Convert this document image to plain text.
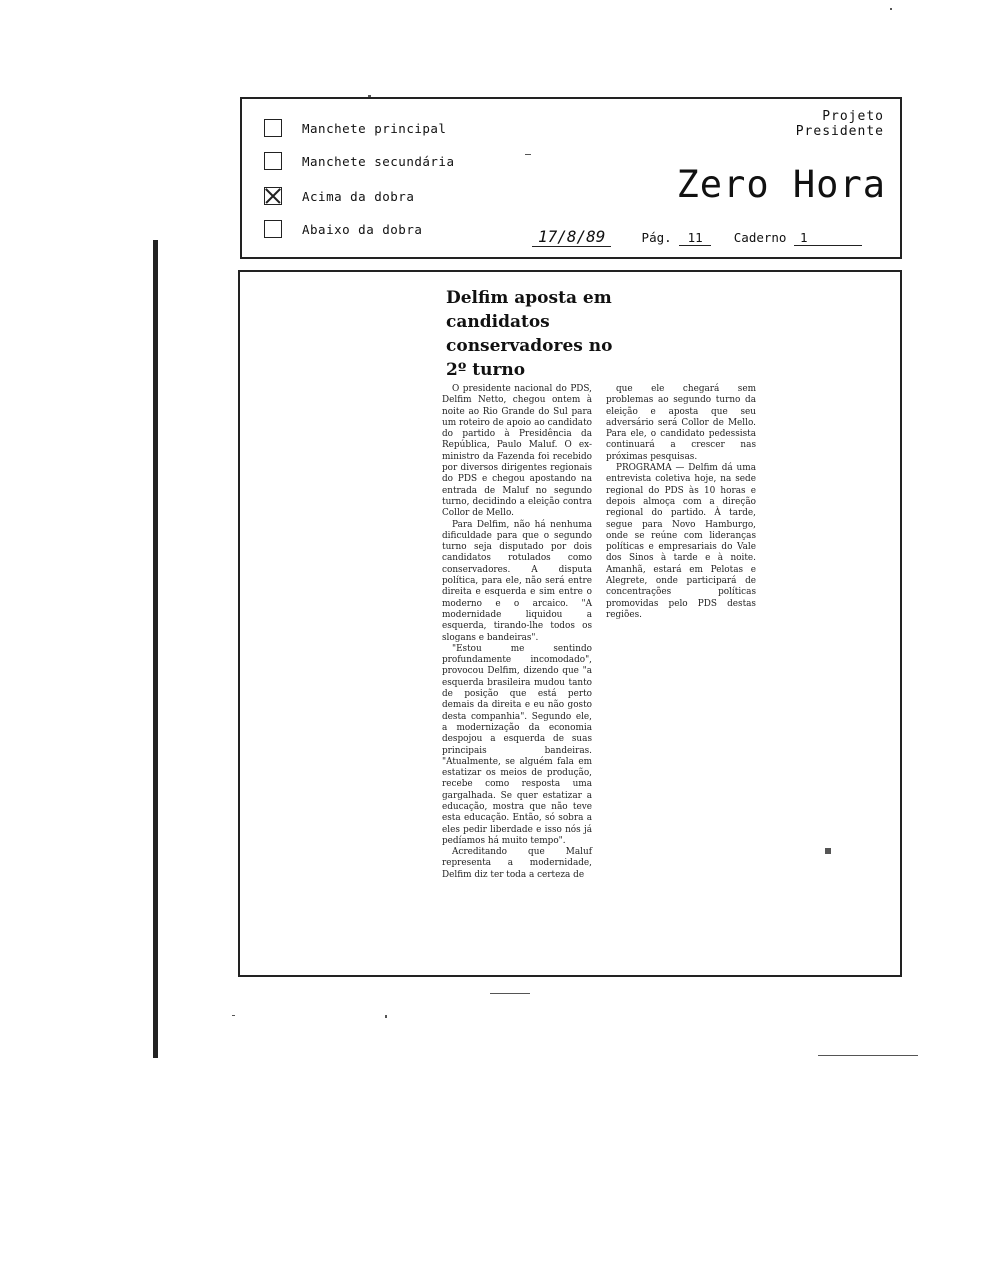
Manchete principal
Manchete secundária
Acima da dobra
Abaixo da dobra
Projeto
Presidente
Zero Hora
17/8/89	Pág. 11 Caderno 1
Delfim aposta em candidatos conservadores no 2º turno

O presidente nacional do PDS, Delfim Netto, chegou ontem à noite ao Rio Grande do Sul para um roteiro de apoio ao candidato do partido à Presidência da República, Paulo Maluf. O ex-ministro da Fazenda foi recebido por diversos dirigentes regionais do PDS e chegou apostando na entrada de Maluf no segundo turno, decidindo a eleição contra Collor de Mello.

Para Delfim, não há nenhuma dificuldade para que o segundo turno seja disputado por dois candidatos rotulados como conservadores. A disputa política, para ele, não será entre direita e esquerda e sim entre o moderno e o arcaico. "A modernidade liquidou a esquerda, tirando-lhe todos os slogans e bandeiras".

"Estou me sentindo profundamente incomodado", provocou Delfim, dizendo que "a esquerda brasileira mudou tanto de posição que está perto demais da direita e eu não gosto desta companhia". Segundo ele, a modernização da economia despojou a esquerda de suas principais bandeiras. "Atualmente, se alguém fala em estatizar os meios de produção, recebe como resposta uma gargalhada. Se quer estatizar a educação, mostra que não teve esta educação. Então, só sobra a eles pedir liberdade e isso nós já pedíamos há muito tempo".

Acreditando que Maluf representa a modernidade, Delfim diz ter toda a certeza de

que ele chegará sem problemas ao segundo turno da eleição e aposta que seu adversário será Collor de Mello. Para ele, o candidato pedessista continuará a crescer nas próximas pesquisas.

PROGRAMA — Delfim dá uma entrevista coletiva hoje, na sede regional do PDS às 10 horas e depois almoça com a direção regional do partido. À tarde, segue para Novo Hamburgo, onde se reúne com lideranças políticas e empresariais do Vale dos Sinos à tarde e à noite. Amanhã, estará em Pelotas e Alegrete, onde participará de concentrações políticas promovidas pelo PDS destas regiões.
